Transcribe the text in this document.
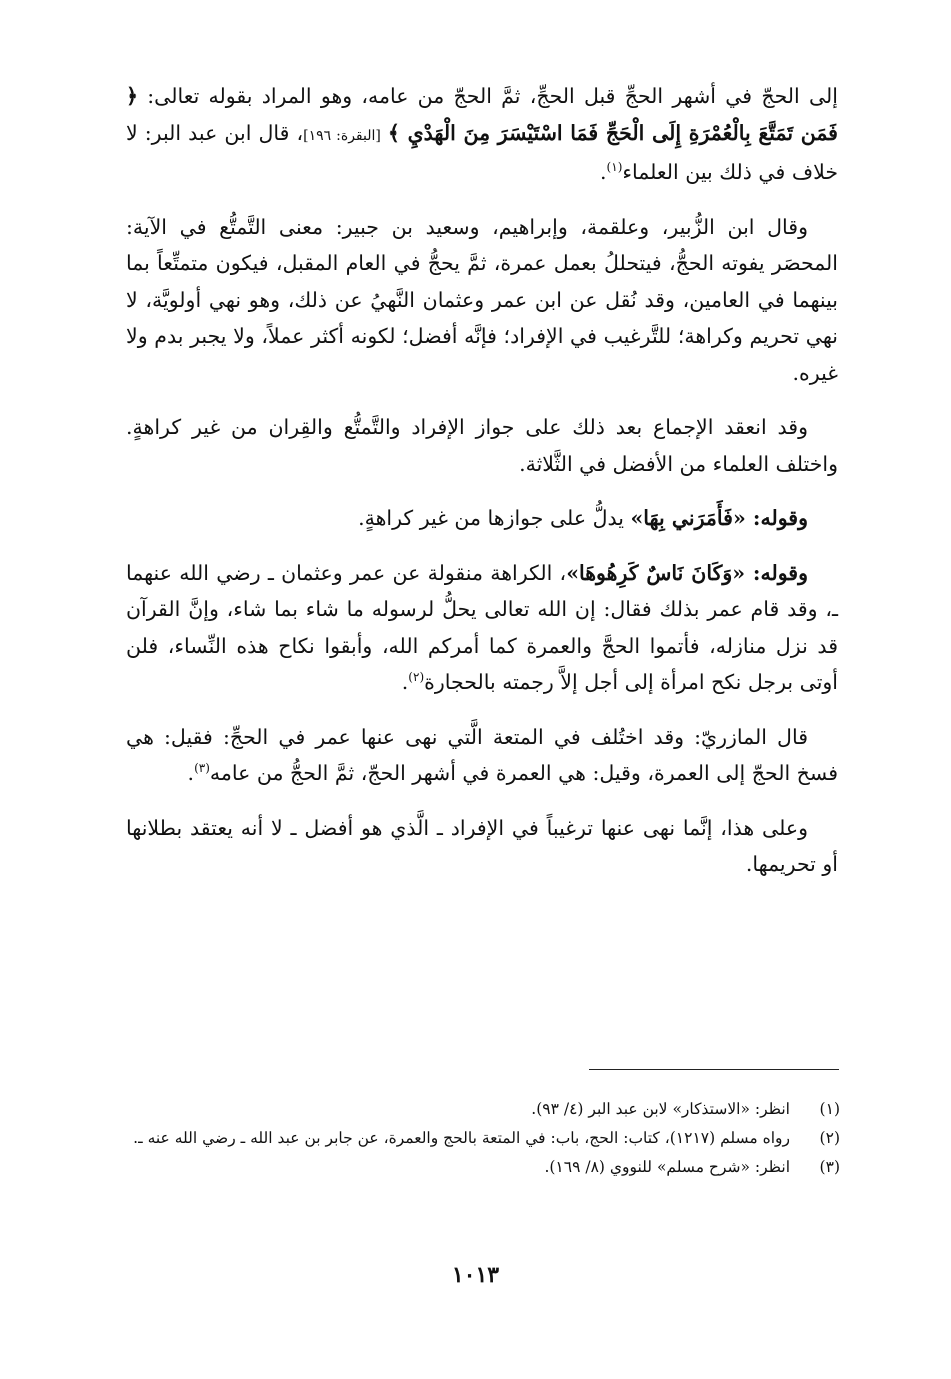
إلى الحجّ في أشهر الحجِّ قبل الحجِّ، ثمَّ الحجّ من عامه، وهو المراد بقوله تعالى: ﴿ فَمَن تَمَتَّعَ بِالْعُمْرَةِ إِلَى الْحَجِّ فَمَا اسْتَيْسَرَ مِنَ الْهَدْيِ ﴾ [البقرة: ١٩٦]، قال ابن عبد البر: لا خلاف في ذلك بين العلماء$^{(١)}$.

وقال ابن الزُّبير، وعلقمة، وإبراهيم، وسعيد بن جبير: معنى التَّمتُّع في الآية: المحصَر يفوته الحجُّ، فيتحللُ بعمل عمرة، ثمَّ يحجُّ في العام المقبل، فيكون متمتِّعاً بما بينهما في العامين، وقد نُقل عن ابن عمر وعثمان النَّهيُ عن ذلك، وهو نهي أولويَّة، لا نهي تحريم وكراهة؛ للتَّرغيب في الإفراد؛ فإنَّه أفضل؛ لكونه أكثر عملاً، ولا يجبر بدم ولا غيره.

وقد انعقد الإجماع بعد ذلك على جواز الإفراد والتَّمتُّع والقِران من غير كراهةٍ. واختلف العلماء من الأفضل في الثَّلاثة.

وقوله: «فَأَمَرَني بِهَا» يدلُّ على جوازها من غير كراهةٍ.

وقوله: «وَكَانَ نَاسٌ كَرِهُوهَا»، الكراهة منقولة عن عمر وعثمان ـ رضي الله عنهما ـ، وقد قام عمر بذلك فقال: إن الله تعالى يحلُّ لرسوله ما شاء بما شاء، وإنَّ القرآن قد نزل منازله، فأتموا الحجَّ والعمرة كما أمركم الله، وأبقوا نكاح هذه النِّساء، فلن أوتى برجل نكح امرأة إلى أجل إلاَّ رجمته بالحجارة$^{(٢)}$.

قال المازريّ: وقد اختُلف في المتعة الَّتي نهى عنها عمر في الحجِّ: فقيل: هي فسخ الحجّ إلى العمرة، وقيل: هي العمرة في أشهر الحجّ، ثمَّ الحجُّ من عامه$^{(٣)}$.

وعلى هذا، إنَّما نهى عنها ترغيباً في الإفراد ـ الَّذي هو أفضل ـ لا أنه يعتقد بطلانها أو تحريمها.

(١)
انظر: «الاستذكار» لابن عبد البر (٤/ ٩٣).
(٢)
رواه مسلم (١٢١٧)، كتاب: الحج، باب: في المتعة بالحج والعمرة، عن جابر بن عبد الله ـ رضي الله عنه ـ.
(٣)
انظر: «شرح مسلم» للنووي (٨/ ١٦٩).
١٠١٣
